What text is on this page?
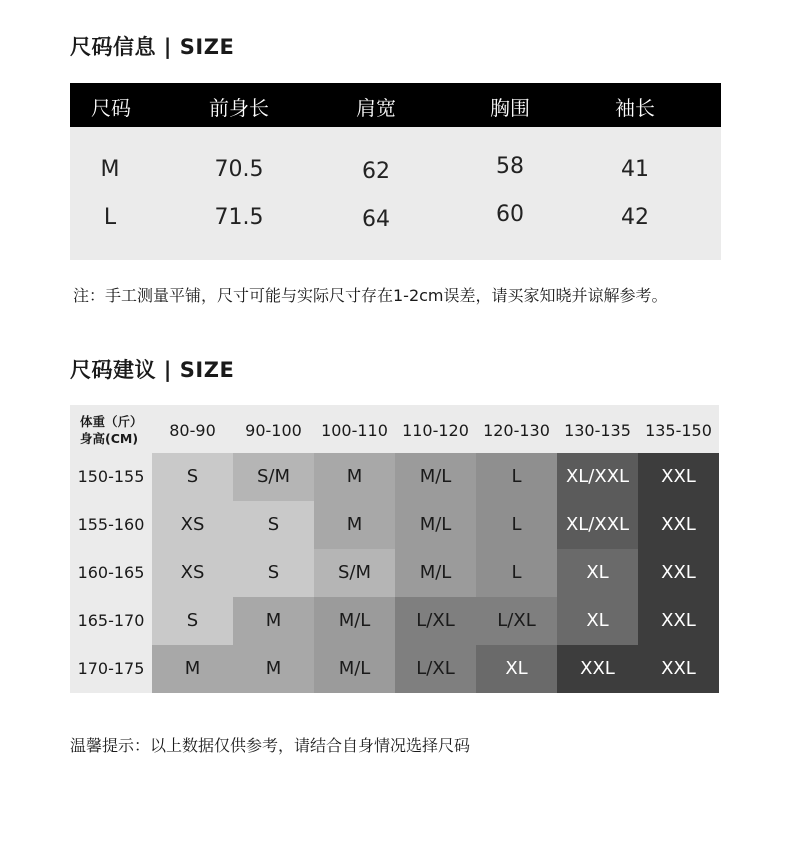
尺码信息 | SIZE
尺码	前身长	肩宽	胸围	袖长
M	70.5	62	58	41
L	71.5	64	60	42
注：手工测量平铺，尺寸可能与实际尺寸存在1-2cm误差，请买家知晓并谅解参考。
尺码建议 | SIZE
体重（斤）
身高(CM)	80-90	90-100	100-110 110-120 120-130 130-135 135-150
150-155	S	S/M	M	M/L	L	XL/XXL	XXL
155-160	XS	S	M	M/L	L	XL/XXL	XXL
160-165	XS	S	S/M	M/L	L	XL	XXL
165-170	S	M	M/L	L/XL	L/XL	XL	XXL
170-175	M	M	M/L	L/XL	XL	XXL	XXL
温馨提示：以上数据仅供参考，请结合自身情况选择尺码
